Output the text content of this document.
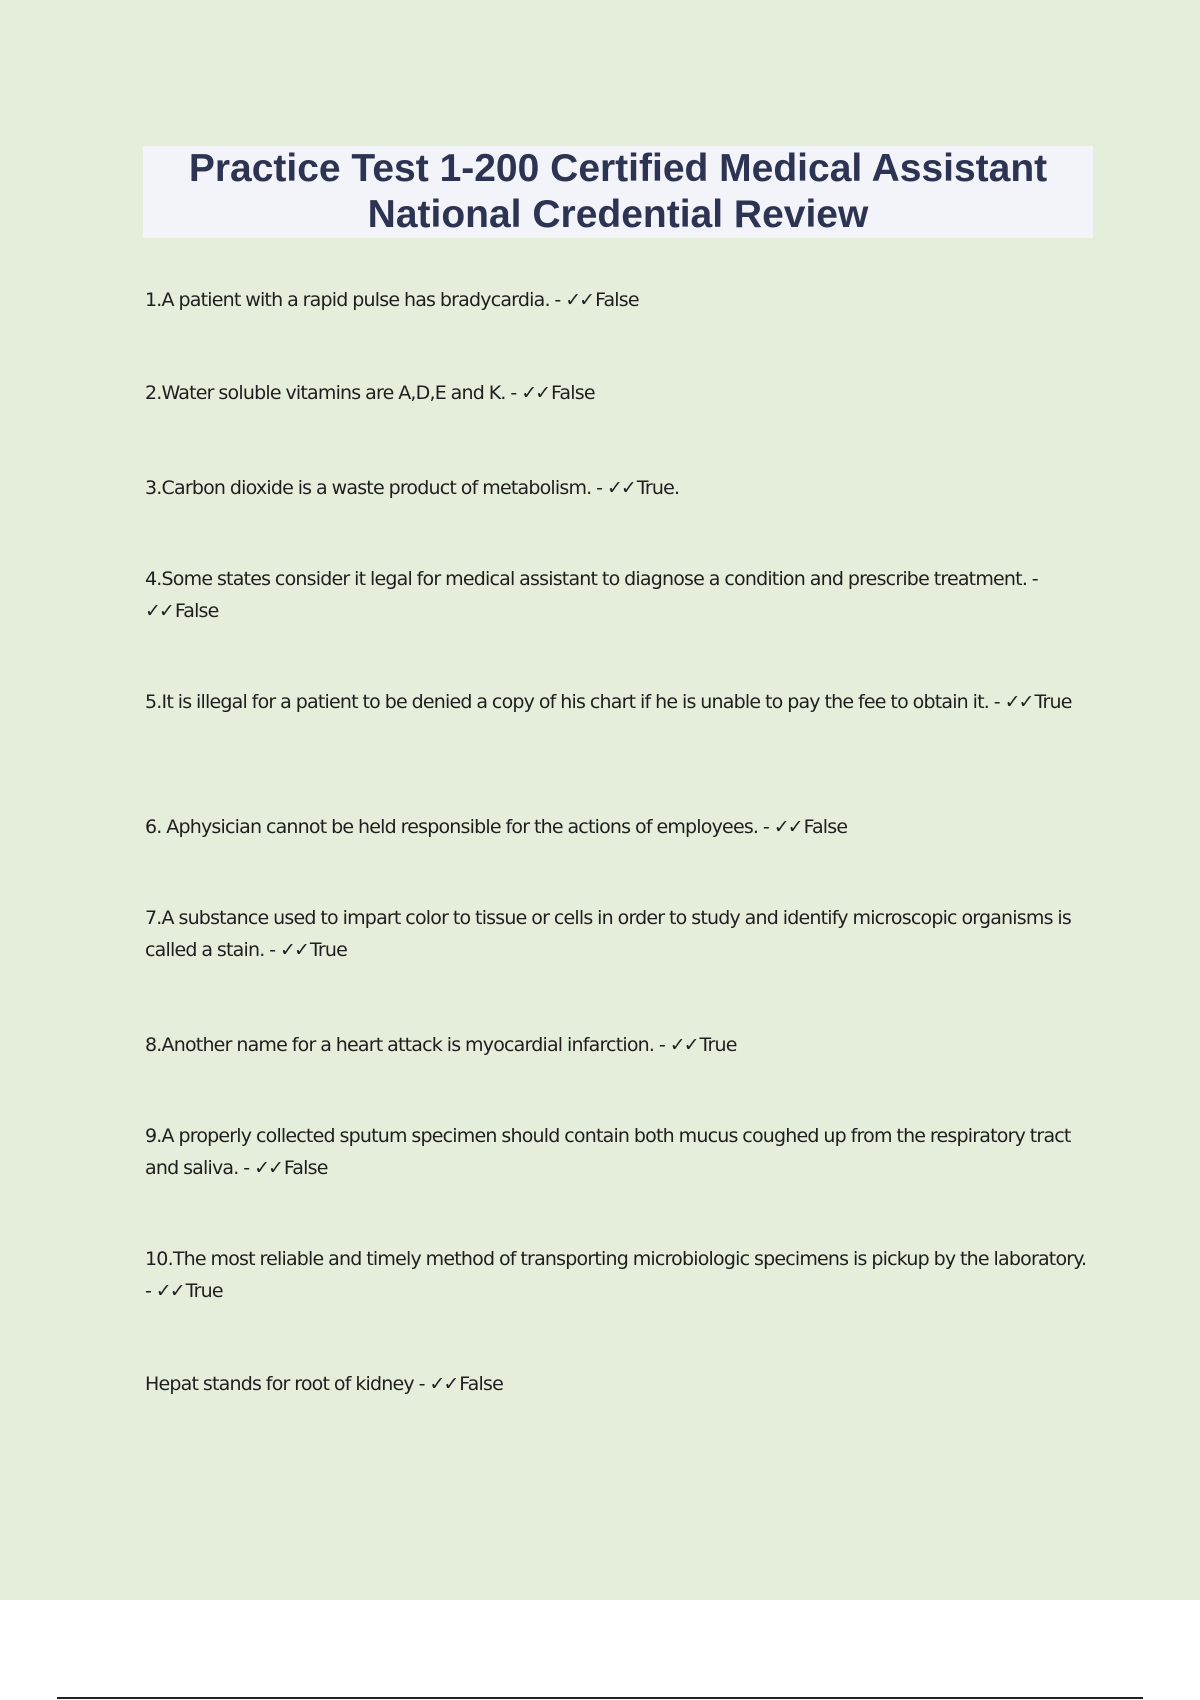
Practice Test 1-200 Certified Medical Assistant
National Credential Review
1.A patient with a rapid pulse has bradycardia. - ✓✓ False
2.Water soluble vitamins are A,D,E and K. - ✓✓ False
3.Carbon dioxide is a waste product of metabolism. - ✓✓ True.
4.Some states consider it legal for medical assistant to diagnose a condition and prescribe treatment. - ✓✓ False
5.It is illegal for a patient to be denied a copy of his chart if he is unable to pay the fee to obtain it. - ✓✓ True
6. Aphysician cannot be held responsible for the actions of employees. - ✓✓ False
7.A substance used to impart color to tissue or cells in order to study and identify microscopic organisms is called a stain. - ✓✓ True
8.Another name for a heart attack is myocardial infarction. - ✓✓ True
9.A properly collected sputum specimen should contain both mucus coughed up from the respiratory tract and saliva. - ✓✓ False
10.The most reliable and timely method of transporting microbiologic specimens is pickup by the laboratory. - ✓✓ True
Hepat stands for root of kidney - ✓✓ False
